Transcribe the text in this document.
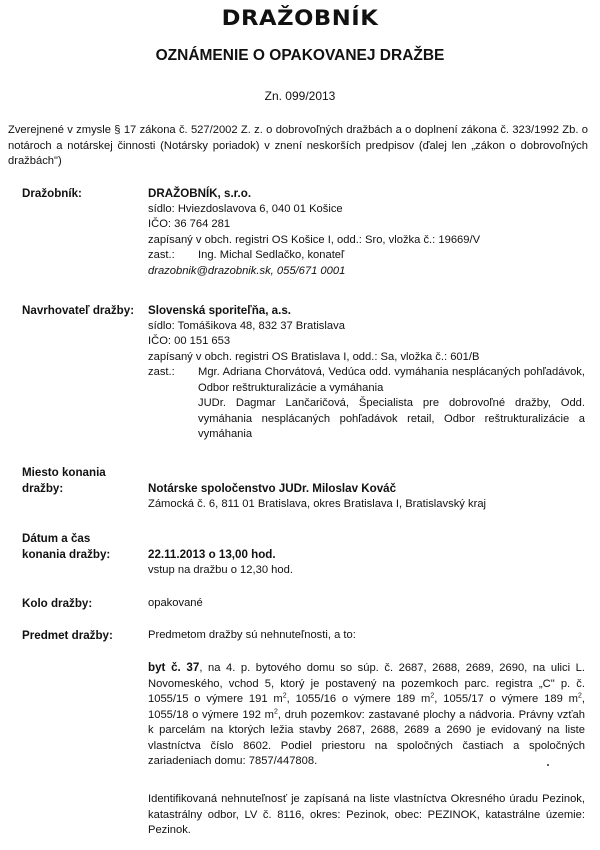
DRAŽOBNÍK
OZNÁMENIE O OPAKOVANEJ DRAŽBE
Zn. 099/2013
Zverejnené v zmysle § 17 zákona č. 527/2002 Z. z. o dobrovoľných dražbách a o doplnení zákona č. 323/1992 Zb. o notároch a notárskej činnosti (Notársky poriadok) v znení neskorších predpisov (ďalej len „zákon o dobrovoľných dražbách")
Dražobník:	DRAŽOBNÍK, s.r.o.
sídlo: Hviezdoslavova 6, 040 01 Košice
IČO: 36 764 281
zapísaný v obch. registri OS Košice I, odd.: Sro, vložka č.: 19669/V
zast.:	Ing. Michal Sedlačko, konateľ
drazobnik@drazobnik.sk, 055/671 0001
Navrhovateľ dražby:	Slovenská sporiteľňa, a.s.
sídlo: Tomášikova 48, 832 37 Bratislava
IČO: 00 151 653
zapísaný v obch. registri OS Bratislava I, odd.: Sa, vložka č.: 601/B
zast.:	Mgr. Adriana Chorvátová, Vedúca odd. vymáhania nesplácaných pohľadávok, Odbor reštrukturalizácie a vymáhania
JUDr. Dagmar Lančaričová, Špecialista pre dobrovoľné dražby, Odd. vymáhania nesplácaných pohľadávok retail, Odbor reštrukturalizácie a vymáhania
Miesto konania
dražby:	Notárske spoločenstvo JUDr. Miloslav Kováč
Zámocká č. 6, 811 01 Bratislava, okres Bratislava I, Bratislavský kraj
Dátum a čas
konania dražby:	22.11.2013 o 13,00 hod.
vstup na dražbu o 12,30 hod.
Kolo dražby:	opakované
Predmet dražby:	Predmetom dražby sú nehnuteľnosti, a to:
byt č. 37, na 4. p. bytového domu so súp. č. 2687, 2688, 2689, 2690, na ulici L. Novomeského, vchod 5, ktorý je postavený na pozemkoch parc. registra „C" p. č. 1055/15 o výmere 191 $m^2$, 1055/16 o výmere 189 $m^2$, 1055/17 o výmere 189 $m^2$, 1055/18 o výmere 192 $m^2$, druh pozemkov: zastavané plochy a nádvoria. Právny vzťah k parcelám na ktorých ležia stavby 2687, 2688, 2689 a 2690 je evidovaný na liste vlastníctva číslo 8602. Podiel priestoru na spoločných častiach a spoločných zariadeniach domu: 7857/447808.
Identifikovaná nehnuteľnosť je zapísaná na liste vlastníctva Okresného úradu Pezinok, katastrálny odbor, LV č. 8116, okres: Pezinok, obec: PEZINOK, katastrálne územie: Pezinok.
